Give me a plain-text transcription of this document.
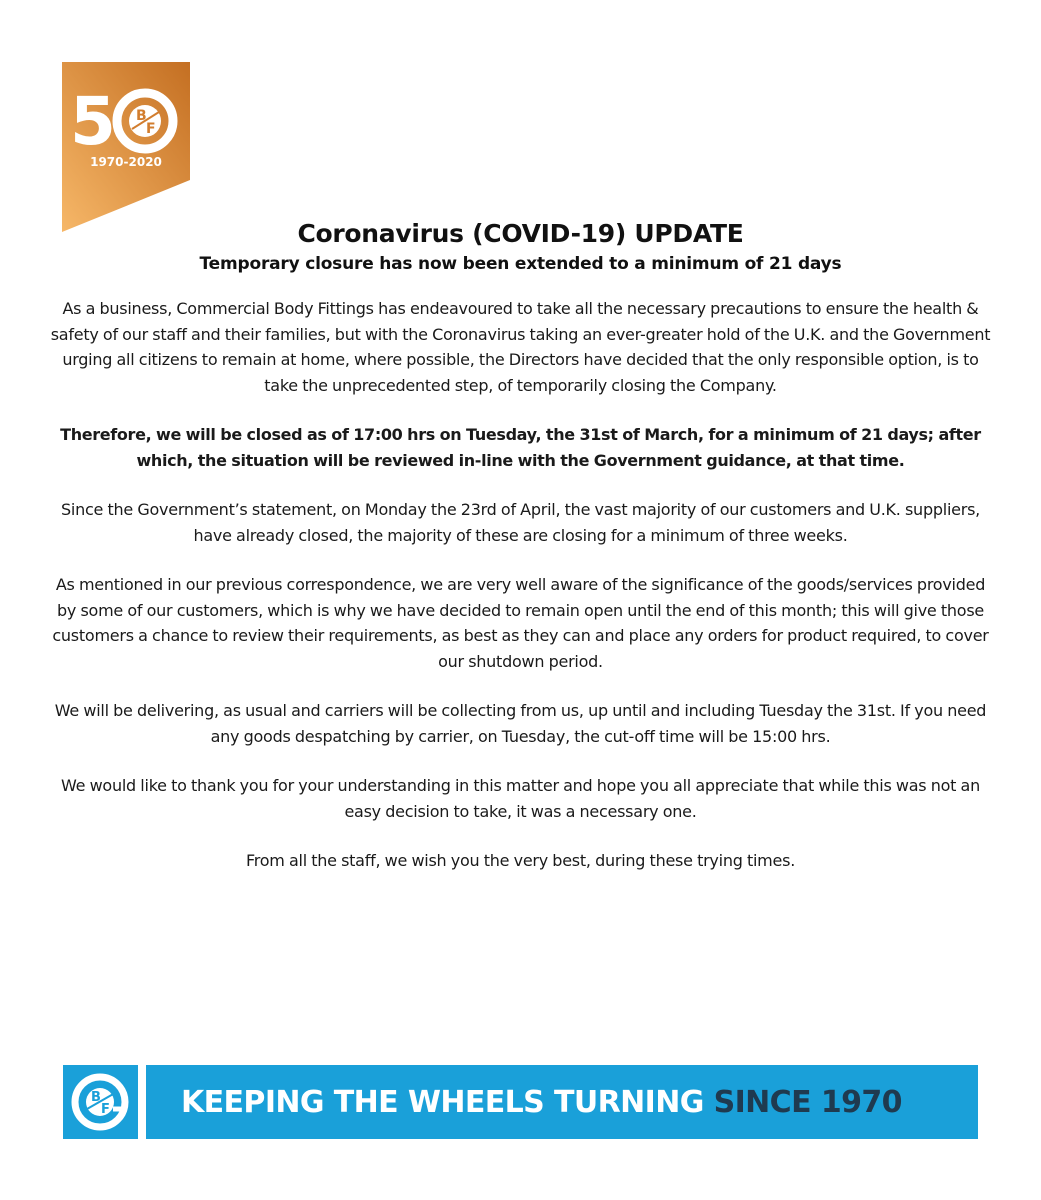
5 B
F
1970-2020
Coronavirus (COVID-19) UPDATE
Temporary closure has now been extended to a minimum of 21 days

As a business, Commercial Body Fittings has endeavoured to take all the necessary precautions to ensure the health & safety of our staff and their families, but with the Coronavirus taking an ever-greater hold of the U.K. and the Government urging all citizens to remain at home, where possible, the Directors have decided that the only responsible option, is to take the unprecedented step, of temporarily closing the Company.

Therefore, we will be closed as of 17:00 hrs on Tuesday, the 31st of March, for a minimum of 21 days; after which, the situation will be reviewed in-line with the Government guidance, at that time.

Since the Government’s statement, on Monday the 23rd of April, the vast majority of our customers and U.K. suppliers, have already closed, the majority of these are closing for a minimum of three weeks.

As mentioned in our previous correspondence, we are very well aware of the significance of the goods/services provided by some of our customers, which is why we have decided to remain open until the end of this month; this will give those customers a chance to review their requirements, as best as they can and place any orders for product required, to cover our shutdown period.

We will be delivering, as usual and carriers will be collecting from us, up until and including Tuesday the 31st. If you need any goods despatching by carrier, on Tuesday, the cut-off time will be 15:00 hrs.

We would like to thank you for your understanding in this matter and hope you all appreciate that while this was not an easy decision to take, it was a necessary one.

From all the staff, we wish you the very best, during these trying times.

B
F KEEPING THE WHEELS TURNING SINCE 1970
